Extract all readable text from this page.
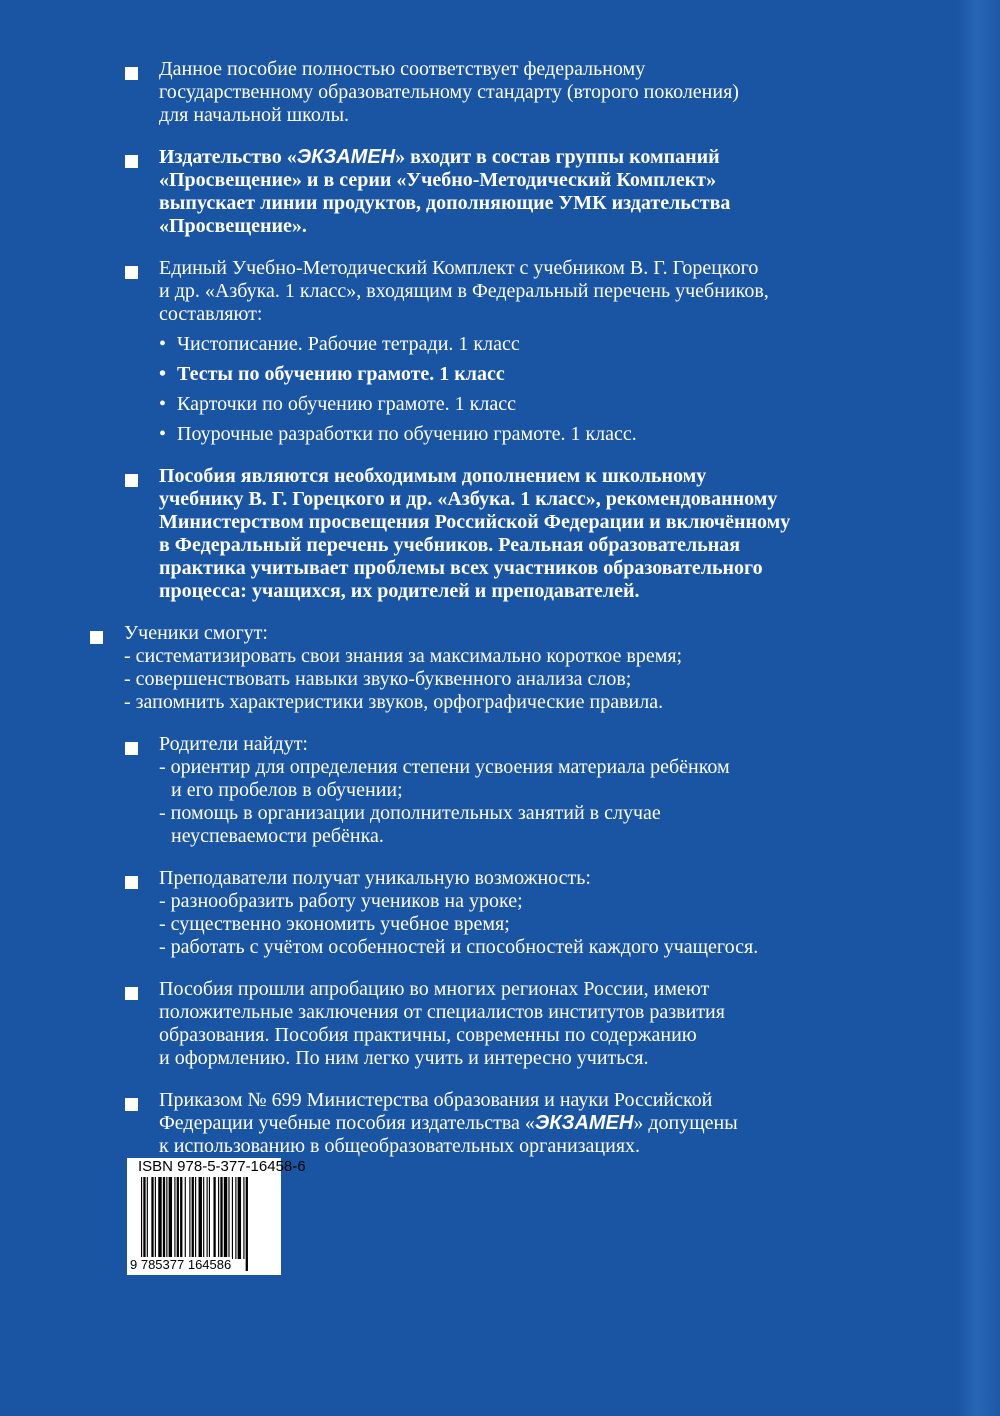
Данное пособие полностью соответствует федеральному
государственному образовательному стандарту (второго поколения)
для начальной школы.
Издательство «ЭКЗАМЕН» входит в состав группы компаний
«Просвещение» и в серии «Учебно-Методический Комплект»
выпускает линии продуктов, дополняющие УМК издательства
«Просвещение».
Единый Учебно-Методический Комплект с учебником В. Г. Горецкого
и др. «Азбука. 1 класс», входящим в Федеральный перечень учебников,
составляют:
• Чистописание. Рабочие тетради. 1 класс
• Тесты по обучению грамоте. 1 класс
• Карточки по обучению грамоте. 1 класс
• Поурочные разработки по обучению грамоте. 1 класс.
Пособия являются необходимым дополнением к школьному
учебнику В. Г. Горецкого и др. «Азбука. 1 класс», рекомендованному
Министерством просвещения Российской Федерации и включённому
в Федеральный перечень учебников. Реальная образовательная
практика учитывает проблемы всех участников образовательного
процесса: учащихся, их родителей и преподавателей.
Ученики смогут:
- систематизировать свои знания за максимально короткое время;
- совершенствовать навыки звуко-буквенного анализа слов;
- запомнить характеристики звуков, орфографические правила.
Родители найдут:
- ориентир для определения степени усвоения материала ребёнком
и его пробелов в обучении;
- помощь в организации дополнительных занятий в случае
неуспеваемости ребёнка.
Преподаватели получат уникальную возможность:
- разнообразить работу учеников на уроке;
- существенно экономить учебное время;
- работать с учётом особенностей и способностей каждого учащегося.
Пособия прошли апробацию во многих регионах России, имеют
положительные заключения от специалистов институтов развития
образования. Пособия практичны, современны по содержанию
и оформлению. По ним легко учить и интересно учиться.
Приказом № 699 Министерства образования и науки Российской
Федерации учебные пособия издательства «ЭКЗАМЕН» допущены
к использованию в общеобразовательных организациях.
ISBN 978-5-377-16458-6
9 785377 164586
